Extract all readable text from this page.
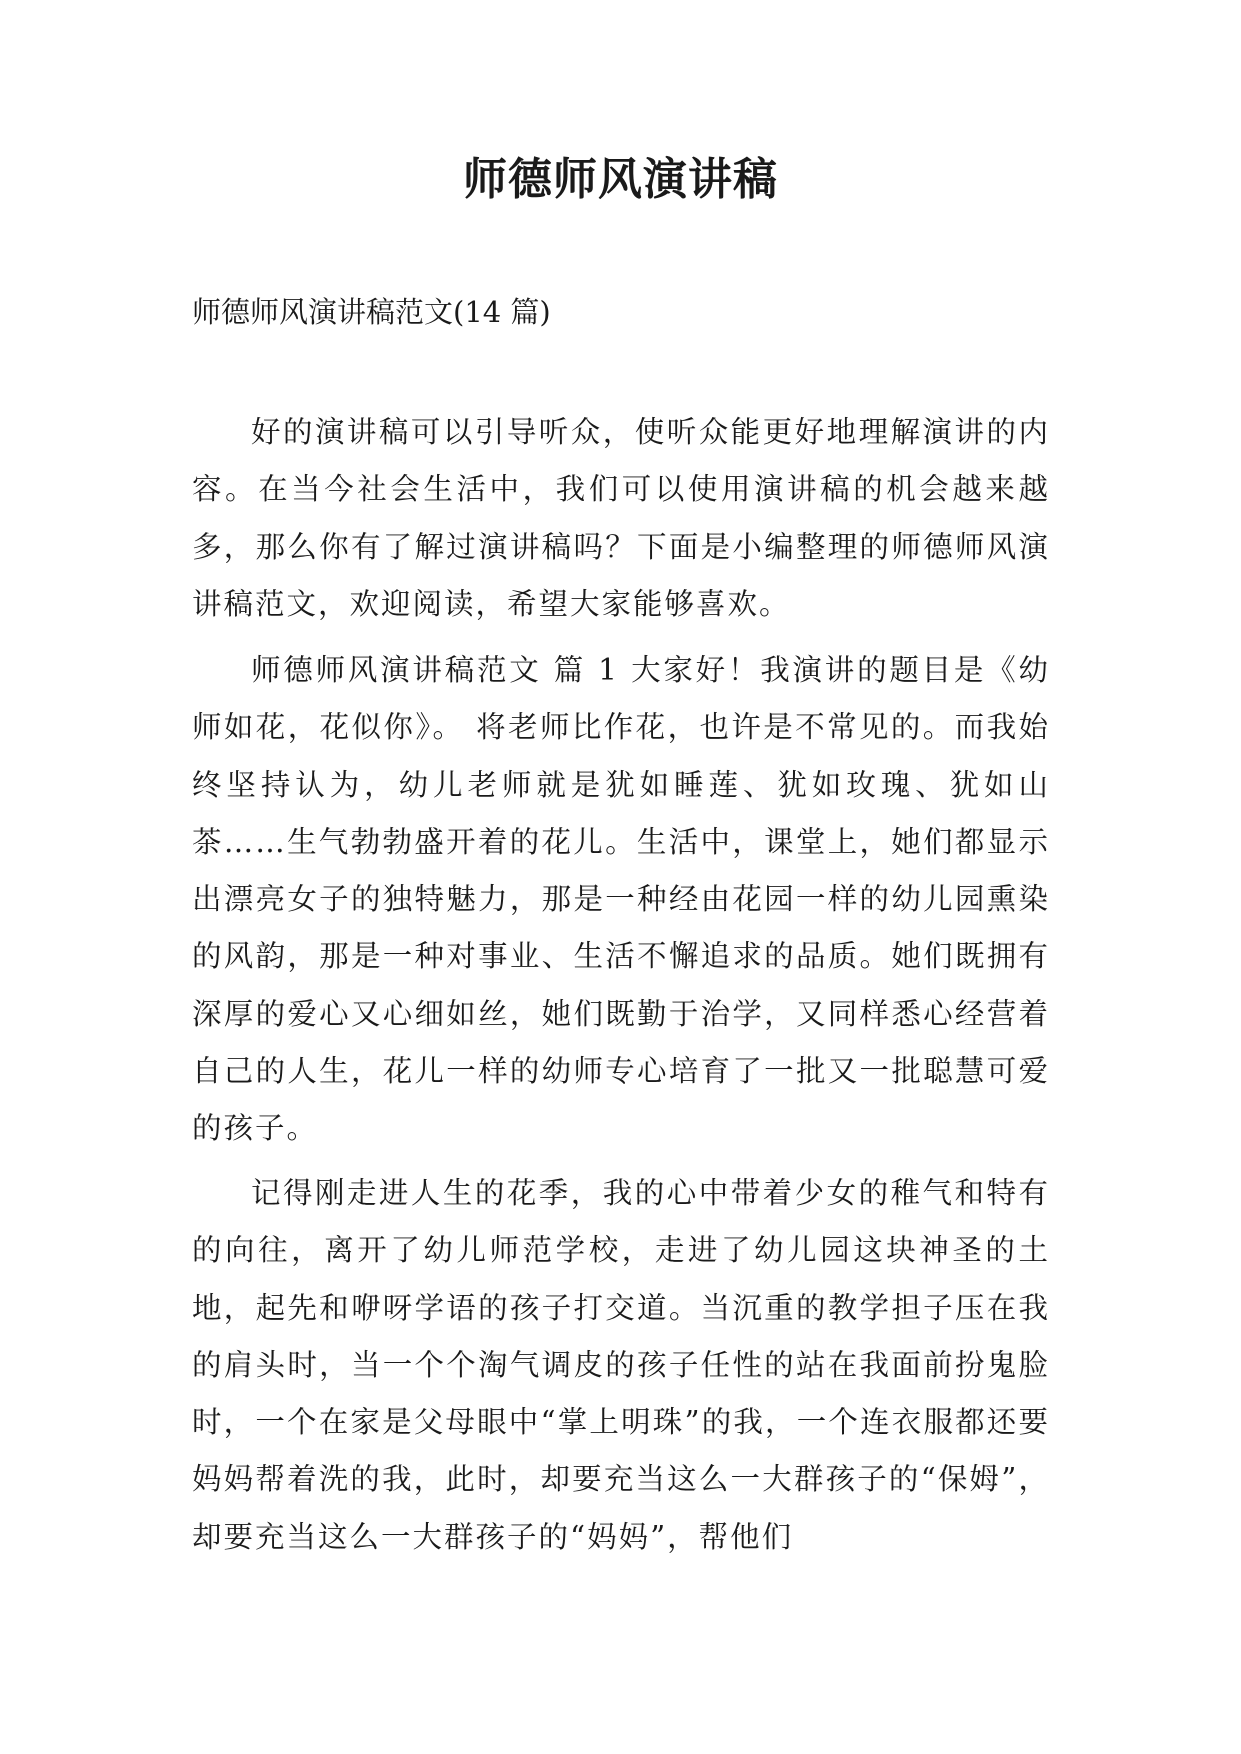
师德师风演讲稿

师德师风演讲稿范文(14 篇)

好的演讲稿可以引导听众，使听众能更好地理解演讲的内容。在当今社会生活中，我们可以使用演讲稿的机会越来越多，那么你有了解过演讲稿吗？下面是小编整理的师德师风演讲稿范文，欢迎阅读，希望大家能够喜欢。

师德师风演讲稿范文 篇 1 大家好！我演讲的题目是《幼师如花，花似你》。 将老师比作花，也许是不常见的。而我始终坚持认为，幼儿老师就是犹如睡莲、犹如玫瑰、犹如山茶……生气勃勃盛开着的花儿。生活中，课堂上，她们都显示出漂亮女子的独特魅力，那是一种经由花园一样的幼儿园熏染的风韵，那是一种对事业、生活不懈追求的品质。她们既拥有深厚的爱心又心细如丝，她们既勤于治学，又同样悉心经营着自己的人生，花儿一样的幼师专心培育了一批又一批聪慧可爱的孩子。

记得刚走进人生的花季，我的心中带着少女的稚气和特有的向往，离开了幼儿师范学校，走进了幼儿园这块神圣的土地，起先和咿呀学语的孩子打交道。当沉重的教学担子压在我的肩头时，当一个个淘气调皮的孩子任性的站在我面前扮鬼脸时，一个在家是父母眼中“掌上明珠”的我，一个连衣服都还要妈妈帮着洗的我，此时，却要充当这么一大群孩子的“保姆”，却要充当这么一大群孩子的“妈妈”，帮他们
